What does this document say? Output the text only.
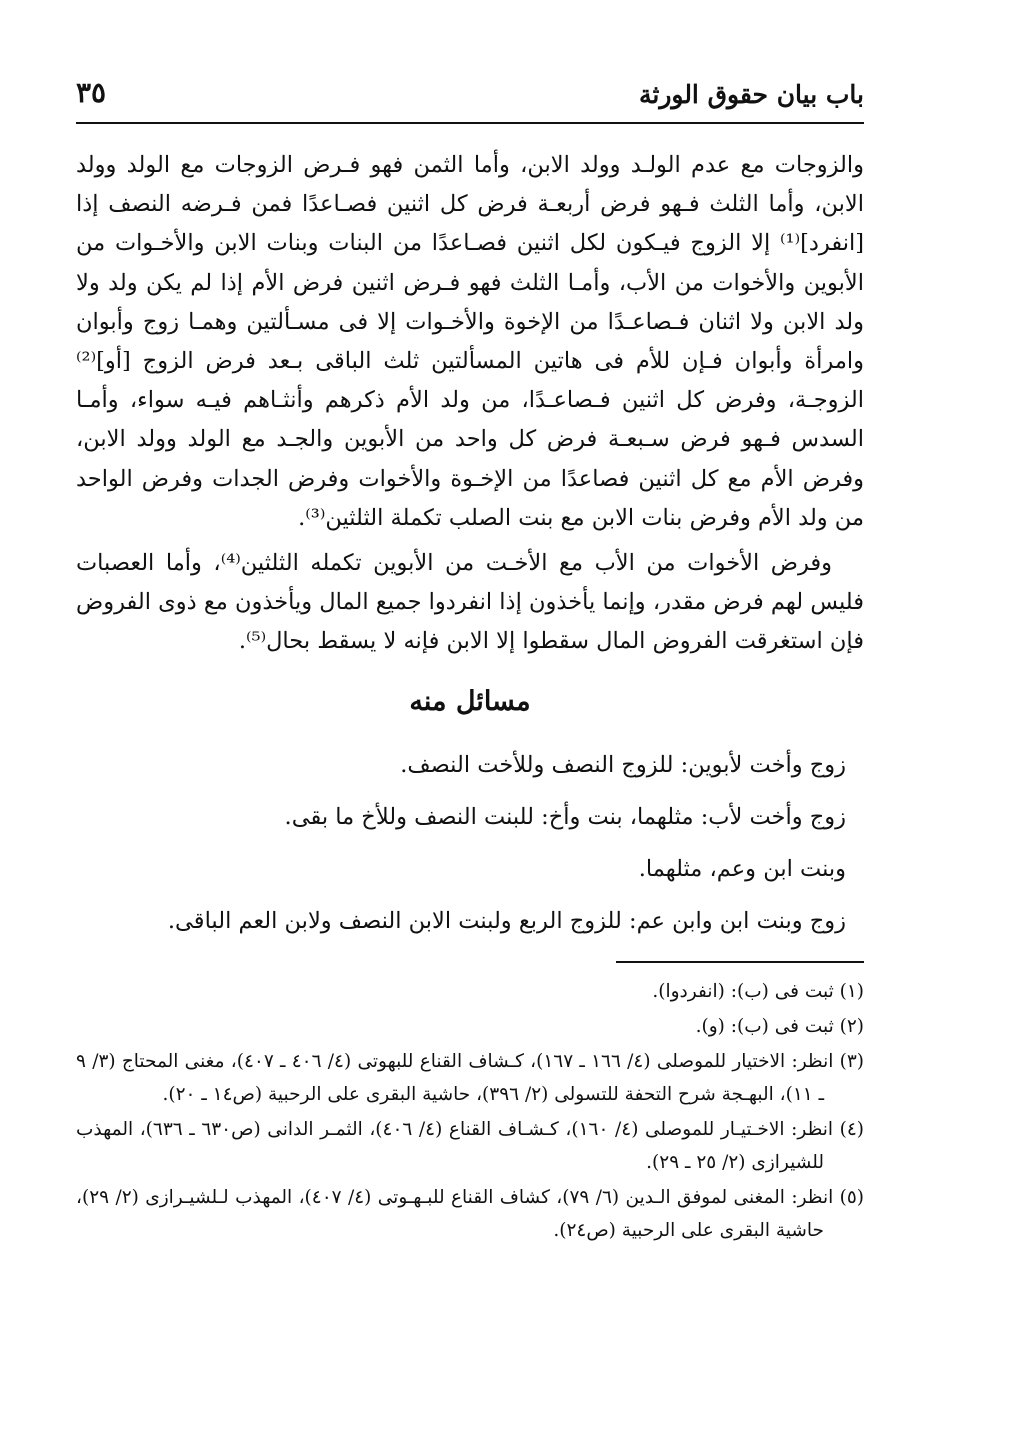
باب بيان حقوق الورثة
٣٥

والزوجات مع عدم الولـد وولد الابن، وأما الثمن فهو فـرض الزوجات مع الولد وولد الابن، وأما الثلث فـهو فرض أربعـة فرض كل اثنين فصـاعدًا فمن فـرضه النصف إذا [انفرد]⁽¹⁾ إلا الزوج فيـكون لكل اثنين فصـاعدًا من البنات وبنات الابن والأخـوات من الأبوين والأخوات من الأب، وأمـا الثلث فهو فـرض اثنين فرض الأم إذا لم يكن ولد ولا ولد الابن ولا اثنان فـصاعـدًا من الإخوة والأخـوات إلا فى مسـألتين وهمـا زوج وأبوان وامرأة وأبوان فـإن للأم فى هاتين المسألتين ثلث الباقى بـعد فرض الزوج [أو]⁽²⁾ الزوجـة، وفرض كل اثنين فـصاعـدًا، من ولد الأم ذكرهم وأنثـاهم فيـه سواء، وأمـا السدس فـهو فرض سـبعـة فرض كل واحد من الأبوين والجـد مع الولد وولد الابن، وفرض الأم مع كل اثنين فصاعدًا من الإخـوة والأخوات وفرض الجدات وفرض الواحد من ولد الأم وفرض بنات الابن مع بنت الصلب تكملة الثلثين⁽³⁾.

وفرض الأخوات من الأب مع الأخـت من الأبوين تكمله الثلثين⁽⁴⁾، وأما العصبات فليس لهم فرض مقدر، وإنما يأخذون إذا انفردوا جميع المال ويأخذون مع ذوى الفروض فإن استغرقت الفروض المال سقطوا إلا الابن فإنه لا يسقط بحال⁽⁵⁾.

مسائل منه
زوج وأخت لأبوين: للزوج النصف وللأخت النصف.
زوج وأخت لأب: مثلهما، بنت وأخ: للبنت النصف وللأخ ما بقى.
وبنت ابن وعم، مثلهما.
زوج وبنت ابن وابن عم: للزوج الربع ولبنت الابن النصف ولابن العم الباقى.
(١) ثبت فى (ب): (انفردوا).
(٢) ثبت فى (ب): (و).
(٣) انظر: الاختيار للموصلى (٤/ ١٦٦ ـ ١٦٧)، كـشاف القناع للبهوتى (٤/ ٤٠٦ ـ ٤٠٧)، مغنى المحتاج (٣/ ٩ ـ ١١)، البهـجة شرح التحفة للتسولى (٢/ ٣٩٦)، حاشية البقرى على الرحبية (ص١٤ ـ ٢٠).
(٤) انظر: الاخـتيـار للموصلى (٤/ ١٦٠)، كـشـاف القناع (٤/ ٤٠٦)، الثمـر الدانى (ص٦٣٠ ـ ٦٣٦)، المهذب للشيرازى (٢/ ٢٥ ـ ٢٩).
(٥) انظر: المغنى لموفق الـدين (٦/ ٧٩)، كشاف القناع للبـهـوتى (٤/ ٤٠٧)، المهذب لـلشيـرازى (٢/ ٢٩)، حاشية البقرى على الرحبية (ص٢٤).
